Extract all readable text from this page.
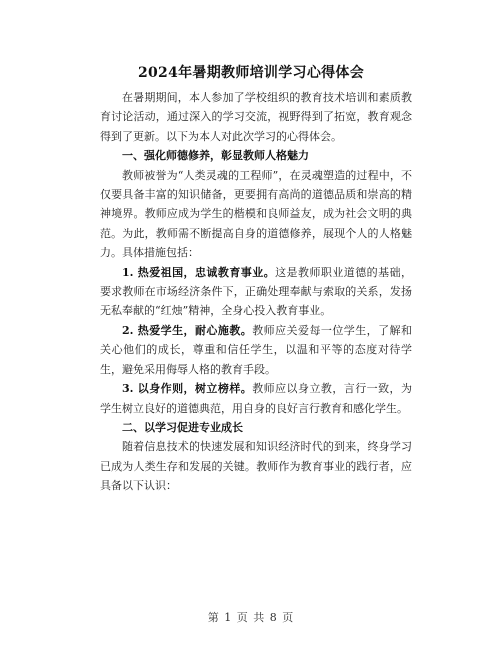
2024年暑期教师培训学习心得体会

在暑期期间，本人参加了学校组织的教育技术培训和素质教育讨论活动，通过深入的学习交流，视野得到了拓宽，教育观念得到了更新。以下为本人对此次学习的心得体会。

一、强化师德修养，彰显教师人格魅力

教师被誉为“人类灵魂的工程师”，在灵魂塑造的过程中，不仅要具备丰富的知识储备，更要拥有高尚的道德品质和崇高的精神境界。教师应成为学生的楷模和良师益友，成为社会文明的典范。为此，教师需不断提高自身的道德修养，展现个人的人格魅力。具体措施包括：

1. 热爱祖国，忠诚教育事业。这是教师职业道德的基础，要求教师在市场经济条件下，正确处理奉献与索取的关系，发扬无私奉献的“红烛”精神，全身心投入教育事业。

2. 热爱学生，耐心施教。教师应关爱每一位学生，了解和关心他们的成长，尊重和信任学生，以温和平等的态度对待学生，避免采用侮辱人格的教育手段。

3. 以身作则，树立榜样。教师应以身立教，言行一致，为学生树立良好的道德典范，用自身的良好言行教育和感化学生。

二、以学习促进专业成长

随着信息技术的快速发展和知识经济时代的到来，终身学习已成为人类生存和发展的关键。教师作为教育事业的践行者，应具备以下认识：

第 1 页 共 8 页
